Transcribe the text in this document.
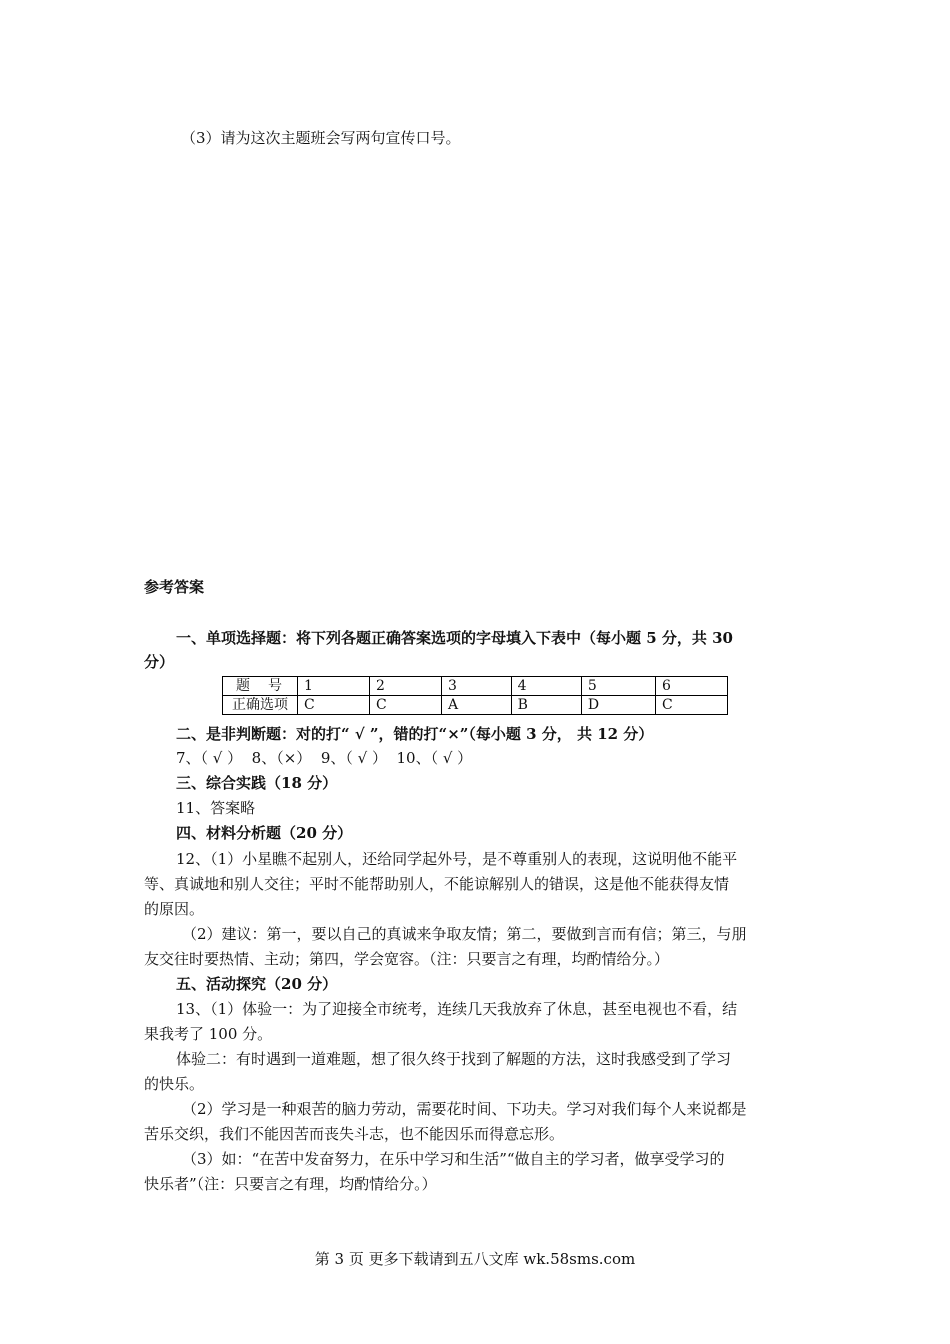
（3）请为这次主题班会写两句宣传口号。
参考答案
一、单项选择题：将下列各题正确答案选项的字母填入下表中（每小题 5 分，共 30
分）
题　号	1	2	3	4	5	6
正确选项	C	C	A	B	D	C
二、是非判断题：对的打“ √ ”，错的打“×”（每小题 3 分， 共 12 分）
7、（ √ ）  8、（×）  9、（ √ ）  10、（ √ ）
三、综合实践（18 分）
11、答案略
四、材料分析题（20 分）
12、（1）小星瞧不起别人，还给同学起外号，是不尊重别人的表现，这说明他不能平
等、真诚地和别人交往；平时不能帮助别人，不能谅解别人的错误，这是他不能获得友情
的原因。
（2）建议：第一，要以自己的真诚来争取友情；第二，要做到言而有信；第三，与朋
友交往时要热情、主动；第四，学会宽容。（注：只要言之有理，均酌情给分。）
五、活动探究（20 分）
13、（1）体验一：为了迎接全市统考，连续几天我放弃了休息，甚至电视也不看，结
果我考了 100 分。
体验二：有时遇到一道难题，想了很久终于找到了解题的方法，这时我感受到了学习
的快乐。
（2）学习是一种艰苦的脑力劳动，需要花时间、下功夫。学习对我们每个人来说都是
苦乐交织，我们不能因苦而丧失斗志，也不能因乐而得意忘形。
（3）如：“在苦中发奋努力，在乐中学习和生活”“做自主的学习者，做享受学习的
快乐者”（注：只要言之有理，均酌情给分。）
第 3 页 更多下载请到五八文库 wk.58sms.com
